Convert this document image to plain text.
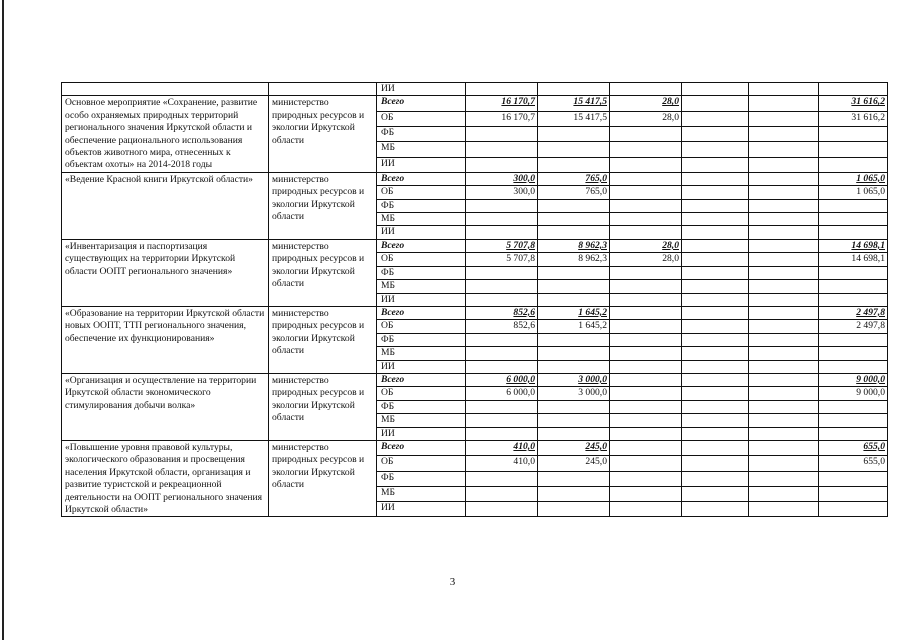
		ИИ						
Основное мероприятие «Сохранение, развитие особо охраняемых природных территорий регионального значения Иркутской области и обеспечение рационального использования объектов животного мира, отнесенных к объектам охоты» на 2014-2018 годы	министерство природных ресурсов и экологии Иркутской области	Всего	16 170,7	15 417,5	28,0			31 616,2
		ОБ	16 170,7	15 417,5	28,0			31 616,2
		ФБ						
		МБ						
		ИИ						
«Ведение Красной книги Иркутской области»	министерство природных ресурсов и экологии Иркутской области	Всего	300,0	765,0				1 065,0
		ОБ	300,0	765,0				1 065,0
		ФБ						
		МБ						
		ИИ						
«Инвентаризация и паспортизация существующих на территории Иркутской области ООПТ регионального значения»	министерство природных ресурсов и экологии Иркутской области	Всего	5 707,8	8 962,3	28,0			14 698,1
		ОБ	5 707,8	8 962,3	28,0			14 698,1
		ФБ						
		МБ						
		ИИ						
«Образование на территории Иркутской области новых ООПТ, ТТП регионального значения, обеспечение их функционирования»	министерство природных ресурсов и экологии Иркутской области	Всего	852,6	1 645,2				2 497,8
		ОБ	852,6	1 645,2				2 497,8
		ФБ						
		МБ						
		ИИ						
«Организация и осуществление на территории Иркутской области экономического стимулирования добычи волка»	министерство природных ресурсов и экологии Иркутской области	Всего	6 000,0	3 000,0				9 000,0
		ОБ	6 000,0	3 000,0				9 000,0
		ФБ						
		МБ						
		ИИ						
«Повышение уровня правовой культуры, экологического образования и просвещения населения Иркутской области, организация и развитие туристской и рекреационной деятельности на ООПТ регионального значения Иркутской области»	министерство природных ресурсов и экологии Иркутской области	Всего	410,0	245,0				655,0
		ОБ	410,0	245,0				655,0
		ФБ						
		МБ						
		ИИ						
3
